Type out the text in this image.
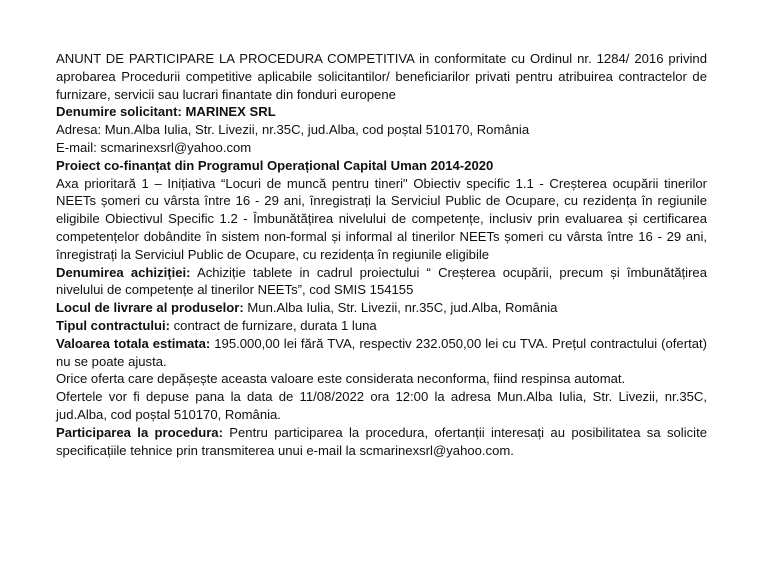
ANUNT DE PARTICIPARE LA PROCEDURA COMPETITIVA in conformitate cu Ordinul nr. 1284/ 2016 privind aprobarea Procedurii competitive aplicabile solicitantilor/ beneficiarilor privati pentru atribuirea contractelor de furnizare, servicii sau lucrari finantate din fonduri europene

Denumire solicitant: MARINEX SRL

Adresa: Mun.Alba Iulia, Str. Livezii, nr.35C, jud.Alba, cod poștal 510170, România

E-mail: scmarinexsrl@yahoo.com

Proiect co-finanțat din Programul Operațional Capital Uman 2014-2020

Axa prioritară 1 – Inițiativa “Locuri de muncă pentru tineri" Obiectiv specific 1.1 - Creșterea ocupării tinerilor NEETs șomeri cu vârsta între 16 - 29 ani, înregistrați la Serviciul Public de Ocupare, cu rezidența în regiunile eligibile Obiectivul Specific 1.2 - Îmbunătățirea nivelului de competențe, inclusiv prin evaluarea și certificarea competențelor dobândite în sistem non-formal și informal al tinerilor NEETs șomeri cu vârsta între 16 - 29 ani, înregistrați la Serviciul Public de Ocupare, cu rezidența în regiunile eligibile

Denumirea achiziției: Achiziție tablete in cadrul proiectului “ Creșterea ocupării, precum și îmbunătățirea nivelului de competențe al tinerilor NEETs”, cod SMIS 154155

Locul de livrare al produselor: Mun.Alba Iulia, Str. Livezii, nr.35C, jud.Alba, România

Tipul contractului: contract de furnizare, durata 1 luna

Valoarea totala estimata: 195.000,00 lei fără TVA, respectiv 232.050,00 lei cu TVA. Prețul contractului (ofertat) nu se poate ajusta.

Orice oferta care depășește aceasta valoare este considerata neconforma, fiind respinsa automat.

Ofertele vor fi depuse pana la data de 11/08/2022 ora 12:00 la adresa Mun.Alba Iulia, Str. Livezii, nr.35C, jud.Alba, cod poștal 510170, România.

Participarea la procedura: Pentru participarea la procedura, ofertanții interesați au posibilitatea sa solicite specificațiile tehnice prin transmiterea unui e-mail la scmarinexsrl@yahoo.com.
